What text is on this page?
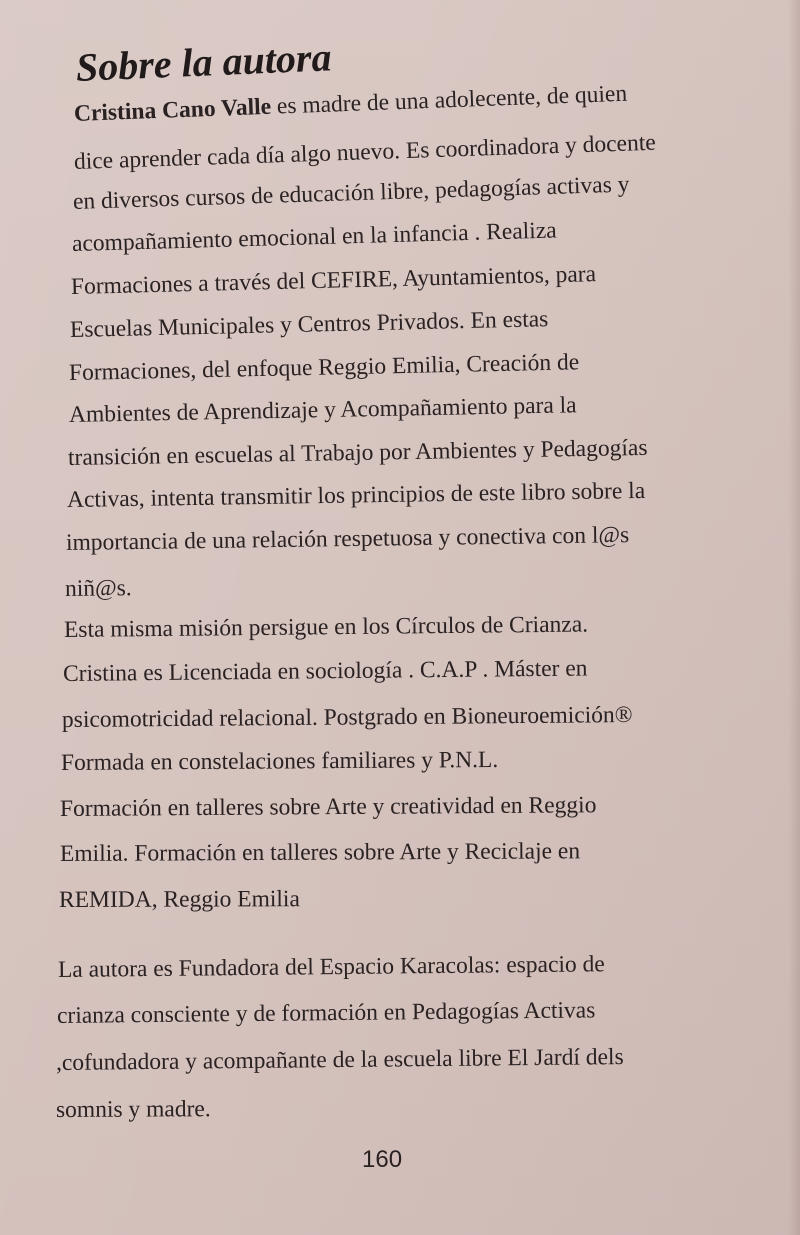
Sobre la autora
Cristina Cano Valle es madre de una adolecente, de quien
dice aprender cada día algo nuevo. Es coordinadora y docente
en diversos cursos de educación libre, pedagogías activas y
acompañamiento emocional en la infancia . Realiza
Formaciones a través del CEFIRE, Ayuntamientos, para
Escuelas Municipales y Centros Privados. En estas
Formaciones, del enfoque Reggio Emilia, Creación de
Ambientes de Aprendizaje y Acompañamiento para la
transición en escuelas al Trabajo por Ambientes y Pedagogías
Activas, intenta transmitir los principios de este libro sobre la
importancia de una relación respetuosa y conectiva con l@s
niñ@s.
Esta misma misión persigue en los Círculos de Crianza.
Cristina es Licenciada en sociología . C.A.P . Máster en
psicomotricidad relacional. Postgrado en Bioneuroemición®
Formada en constelaciones familiares y P.N.L.
Formación en talleres sobre Arte y creatividad en Reggio
Emilia. Formación en talleres sobre Arte y Reciclaje en
REMIDA, Reggio Emilia
La autora es Fundadora del Espacio Karacolas: espacio de
crianza consciente y de formación en Pedagogías Activas
,cofundadora y acompañante de la escuela libre El Jardí dels
somnis y madre.
160
